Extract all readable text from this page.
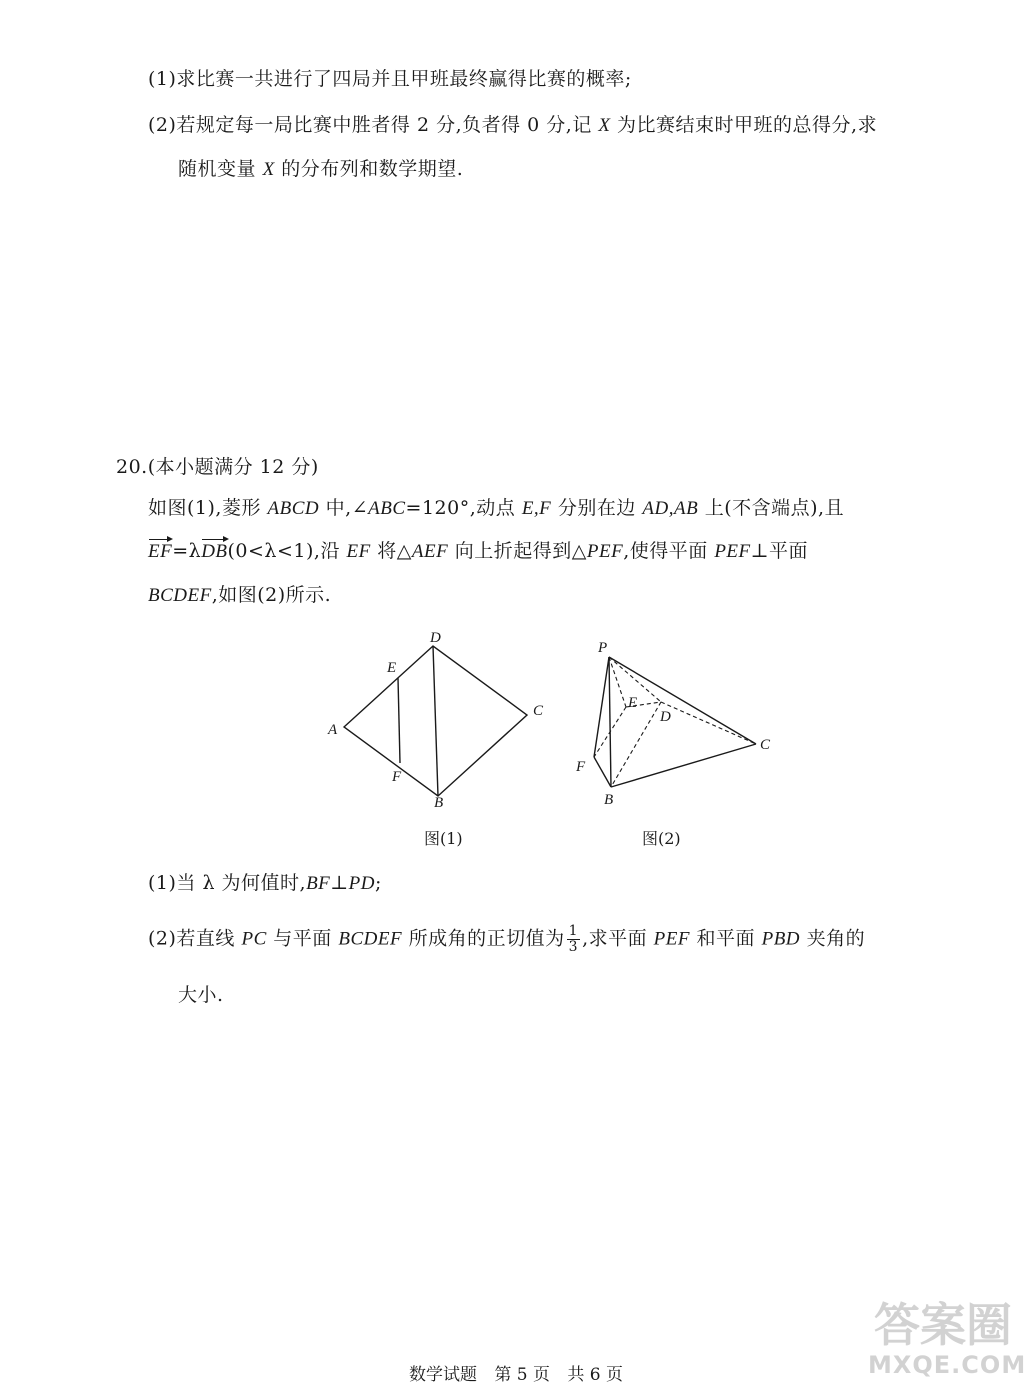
(1)求比赛一共进行了四局并且甲班最终赢得比赛的概率;
(2)若规定每一局比赛中胜者得 2 分,负者得 0 分,记 X 为比赛结束时甲班的总得分,求
随机变量 X 的分布列和数学期望.
20.(本小题满分 12 分)
如图(1),菱形 ABCD 中,∠ABC=120°,动点 E,F 分别在边 AD,AB 上(不含端点),且
EF=λDB(0<λ<1),沿 EF 将△AEF 向上折起得到△PEF,使得平面 PEF⊥平面
BCDEF,如图(2)所示.
A
D
C
B
E
F
图(1)
P
E
D
C
F
B
图(2)
(1)当 λ 为何值时,BF⊥PD;
(2)若直线 PC 与平面 BCDEF 所成角的正切值为 $\frac{1}{3}$ ,求平面 PEF 和平面 PBD 夹角的
大小.
答案圈
MXQE.COM
数学试题 第 5 页 共 6 页
